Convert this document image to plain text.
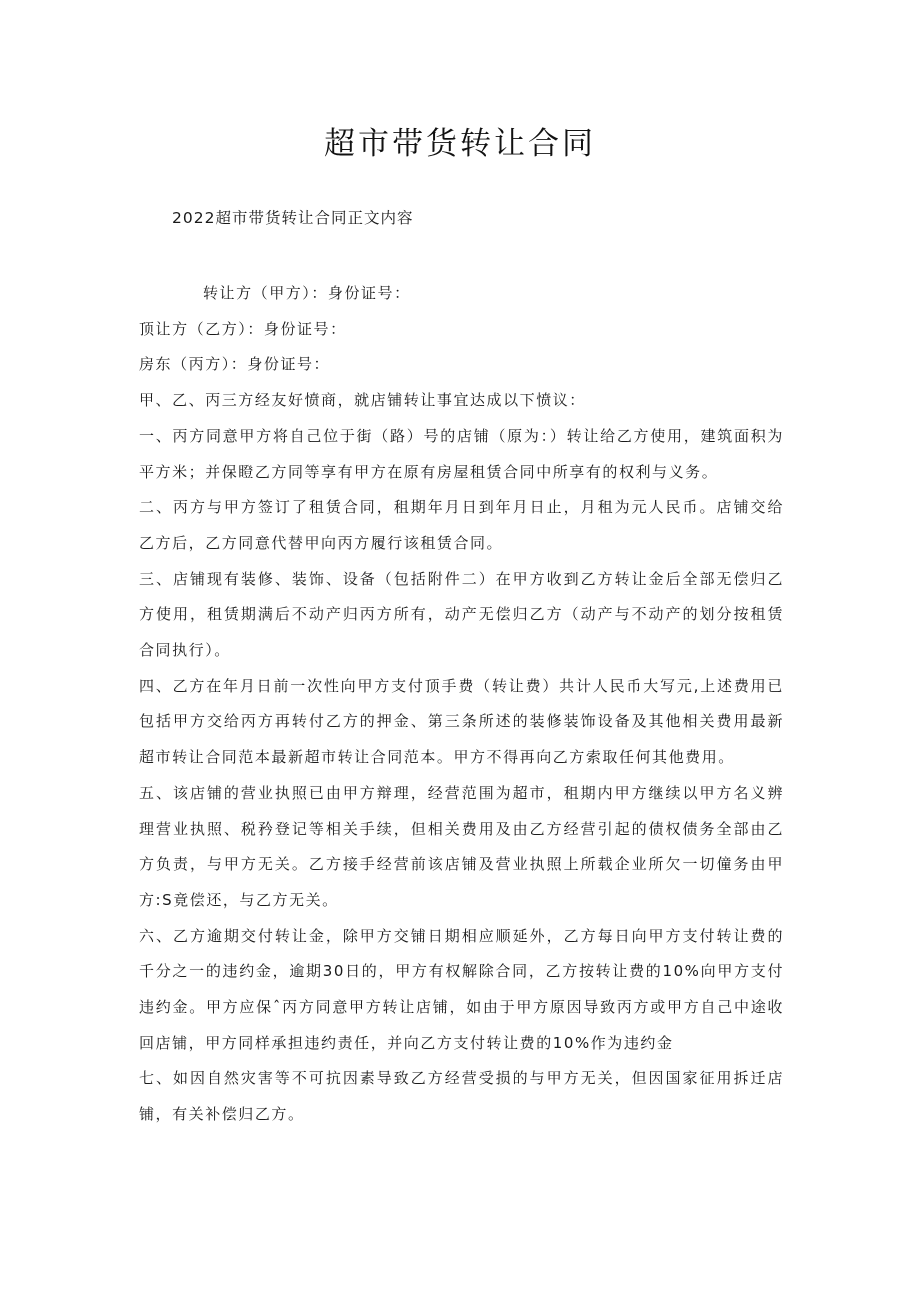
超市带货转让合同
2022超市带货转让合同正文内容

转让方（甲方）：身份证号：

顶让方（乙方）：身份证号：

房东（丙方）：身份证号：

甲、乙、丙三方经友好愤商，就店铺转让事宜达成以下愤议：

一、丙方同意甲方将自己位于街（路）号的店铺（原为：）转让给乙方使用，建筑面积为平方米；并保瞪乙方同等享有甲方在原有房屋租赁合同中所享有的权利与义务。

二、丙方与甲方签订了租赁合同，租期年月日到年月日止，月租为元人民币。店铺交给乙方后，乙方同意代替甲向丙方履行该租赁合同。

三、店铺现有装修、装饰、设备（包括附件二）在甲方收到乙方转让金后全部无偿归乙方使用，租赁期满后不动产归丙方所有，动产无偿归乙方（动产与不动产的划分按租赁合同执行）。

四、乙方在年月日前一次性向甲方支付顶手费（转让费）共计人民币大写元,上述费用已包括甲方交给丙方再转付乙方的押金、第三条所述的装修装饰设备及其他相关费用最新超市转让合同范本最新超市转让合同范本。甲方不得再向乙方索取任何其他费用。

五、该店铺的营业执照已由甲方辩理，经营范围为超市，租期内甲方继续以甲方名义辨理营业执照、税矜登记等相关手续，但相关费用及由乙方经营引起的债权债务全部由乙方负责，与甲方无关。乙方接手经营前该店铺及营业执照上所载企业所欠一切僮务由甲方:S竟偿还，与乙方无关。

六、乙方逾期交付转让金，除甲方交铺日期相应顺延外，乙方每日向甲方支付转让费的千分之一的违约金，逾期30日的，甲方有权解除合同，乙方按转让费的10%向甲方支付违约金。甲方应保ˆ丙方同意甲方转让店铺，如由于甲方原因导致丙方或甲方自己中途收回店铺，甲方同样承担违约责任，并向乙方支付转让费的10%作为违约金

七、如因自然灾害等不可抗因素导致乙方经营受损的与甲方无关，但因国家征用拆迁店铺，有关补偿归乙方。
